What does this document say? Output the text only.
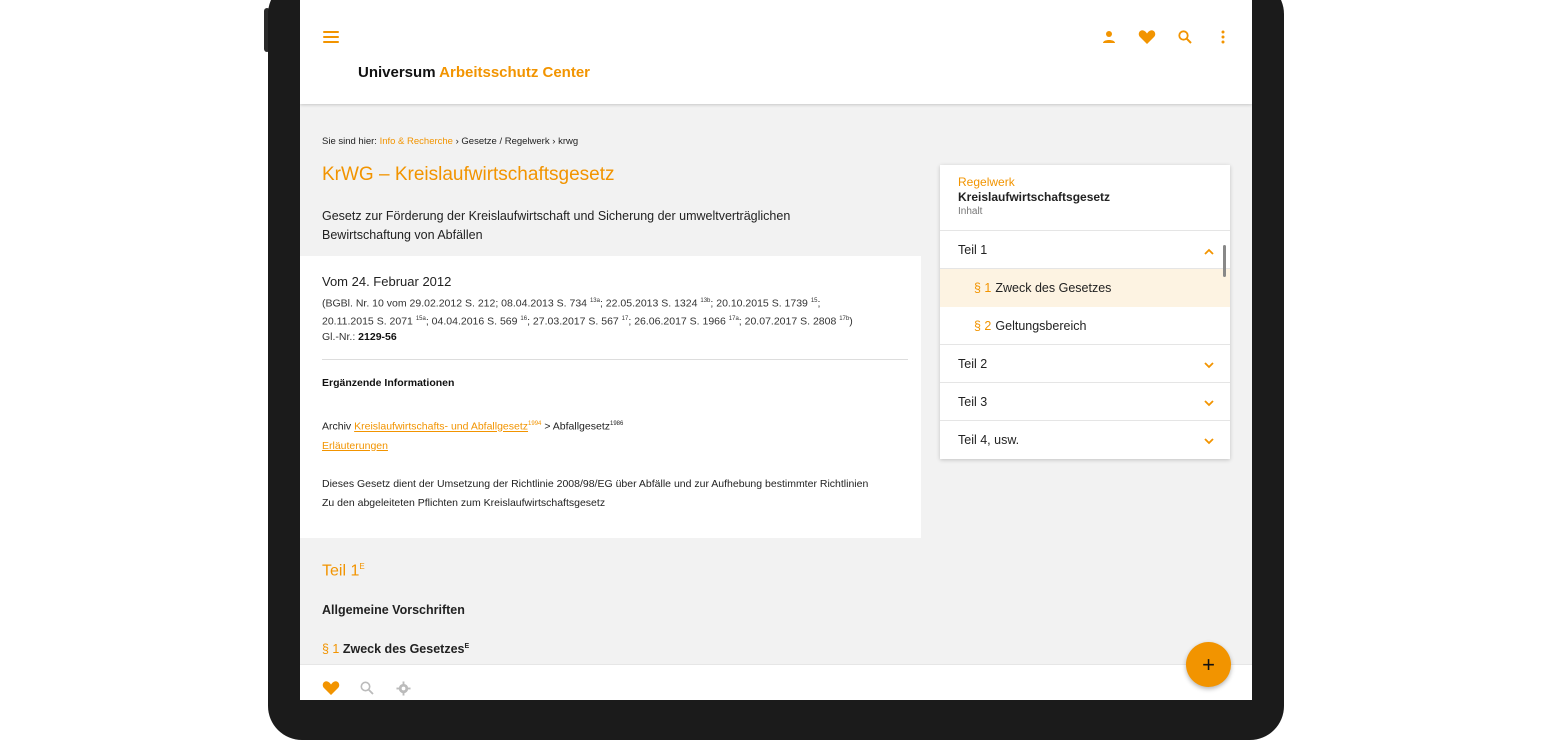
Universum Arbeitsschutz Center
Sie sind hier: Info & Recherche › Gesetze / Regelwerk › krwg
KrWG – Kreislaufwirtschaftsgesetz
Gesetz zur Förderung der Kreislaufwirtschaft und Sicherung der umweltverträglichen Bewirtschaftung von Abfällen
Vom 24. Februar 2012
(BGBl. Nr. 10 vom 29.02.2012 S. 212; 08.04.2013 S. 734 $^{13a}$; 22.05.2013 S. 1324 $^{13b}$; 20.10.2015 S. 1739 $^{15}$;
20.11.2015 S. 2071 $^{15a}$; 04.04.2016 S. 569 $^{16}$; 27.03.2017 S. 567 $^{17}$; 26.06.2017 S. 1966 $^{17a}$; 20.07.2017 S. 2808 $^{17b}$)
Gl.-Nr.: 2129-56
Ergänzende Informationen
Archiv Kreislaufwirtschafts- und Abfallgesetz$^{1994}$ > Abfallgesetz$^{1986}$
Erläuterungen
Dieses Gesetz dient der Umsetzung der Richtlinie 2008/98/EG über Abfälle und zur Aufhebung bestimmter Richtlinien
Zu den abgeleiteten Pflichten zum Kreislaufwirtschaftsgesetz
Teil $1^E$
Allgemeine Vorschriften
§ 1 Zweck des Gesetzes$^E$
Regelwerk
Kreislaufwirtschaftsgesetz
Inhalt
Teil 1
§ 1 Zweck des Gesetzes
§ 2 Geltungsbereich
Teil 2
Teil 3
Teil 4, usw.
+
